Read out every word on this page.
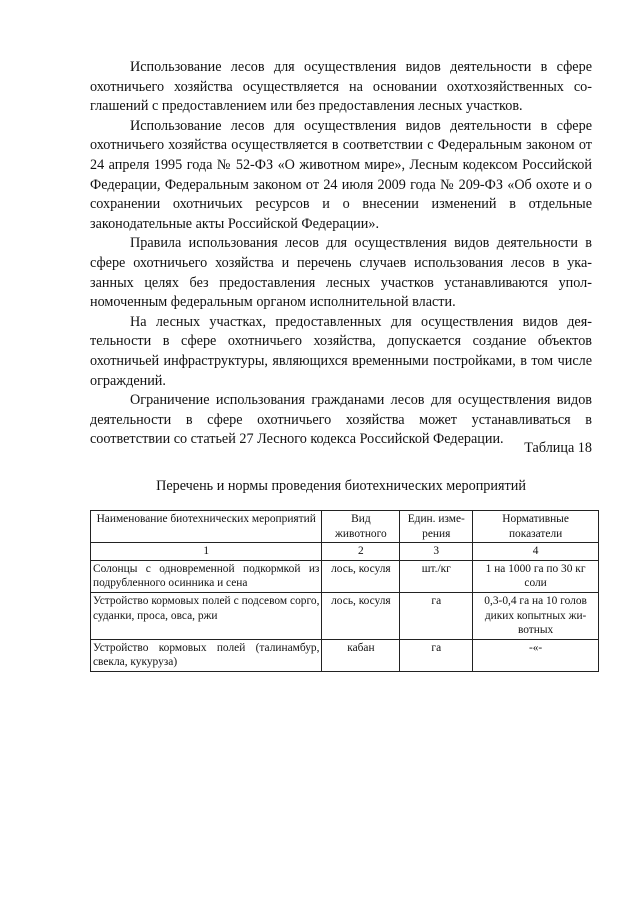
Использование лесов для осуществления видов деятельности в сфере охотничьего хозяйства осуществляется на основании охотхозяйственных соглашений с предоставлением или без предоставления лесных участков.

Использование лесов для осуществления видов деятельности в сфере охотничьего хозяйства осуществляется в соответствии с Федеральным законом от 24 апреля 1995 года № 52-ФЗ «О животном мире», Лесным кодексом Российской Федерации, Федеральным законом от 24 июля 2009 года № 209-ФЗ «Об охоте и о сохранении охотничьих ресурсов и о внесении изменений в отдельные законодательные акты Российской Федерации».

Правила использования лесов для осуществления видов деятельности в сфере охотничьего хозяйства и перечень случаев использования лесов в указанных целях без предоставления лесных участков устанавливаются уполномоченным федеральным органом исполнительной власти.

На лесных участках, предоставленных для осуществления видов деятельности в сфере охотничьего хозяйства, допускается создание объектов охотничьей инфраструктуры, являющихся временными постройками, в том числе ограждений.

Ограничение использования гражданами лесов для осуществления видов деятельности в сфере охотничьего хозяйства может устанавливаться в соответствии со статьей 27 Лесного кодекса Российской Федерации.

Таблица 18
Перечень и нормы проведения биотехнических мероприятий
Наименование биотехнических мероприятий	Вид животного	Един. измерения	Нормативные показатели
1	2	3	4
Солонцы с одновременной подкормкой из подрубленного осинника и сена	лось, косуля	шт./кг	1 на 1000 га по 30 кг соли
Устройство кормовых полей с подсевом сорго, суданки, проса, овса, ржи	лось, косуля	га	0,3-0,4 га на 10 голов диких копытных животных
Устройство кормовых полей (талинамбур, свекла, кукуруза)	кабан	га	-«-
